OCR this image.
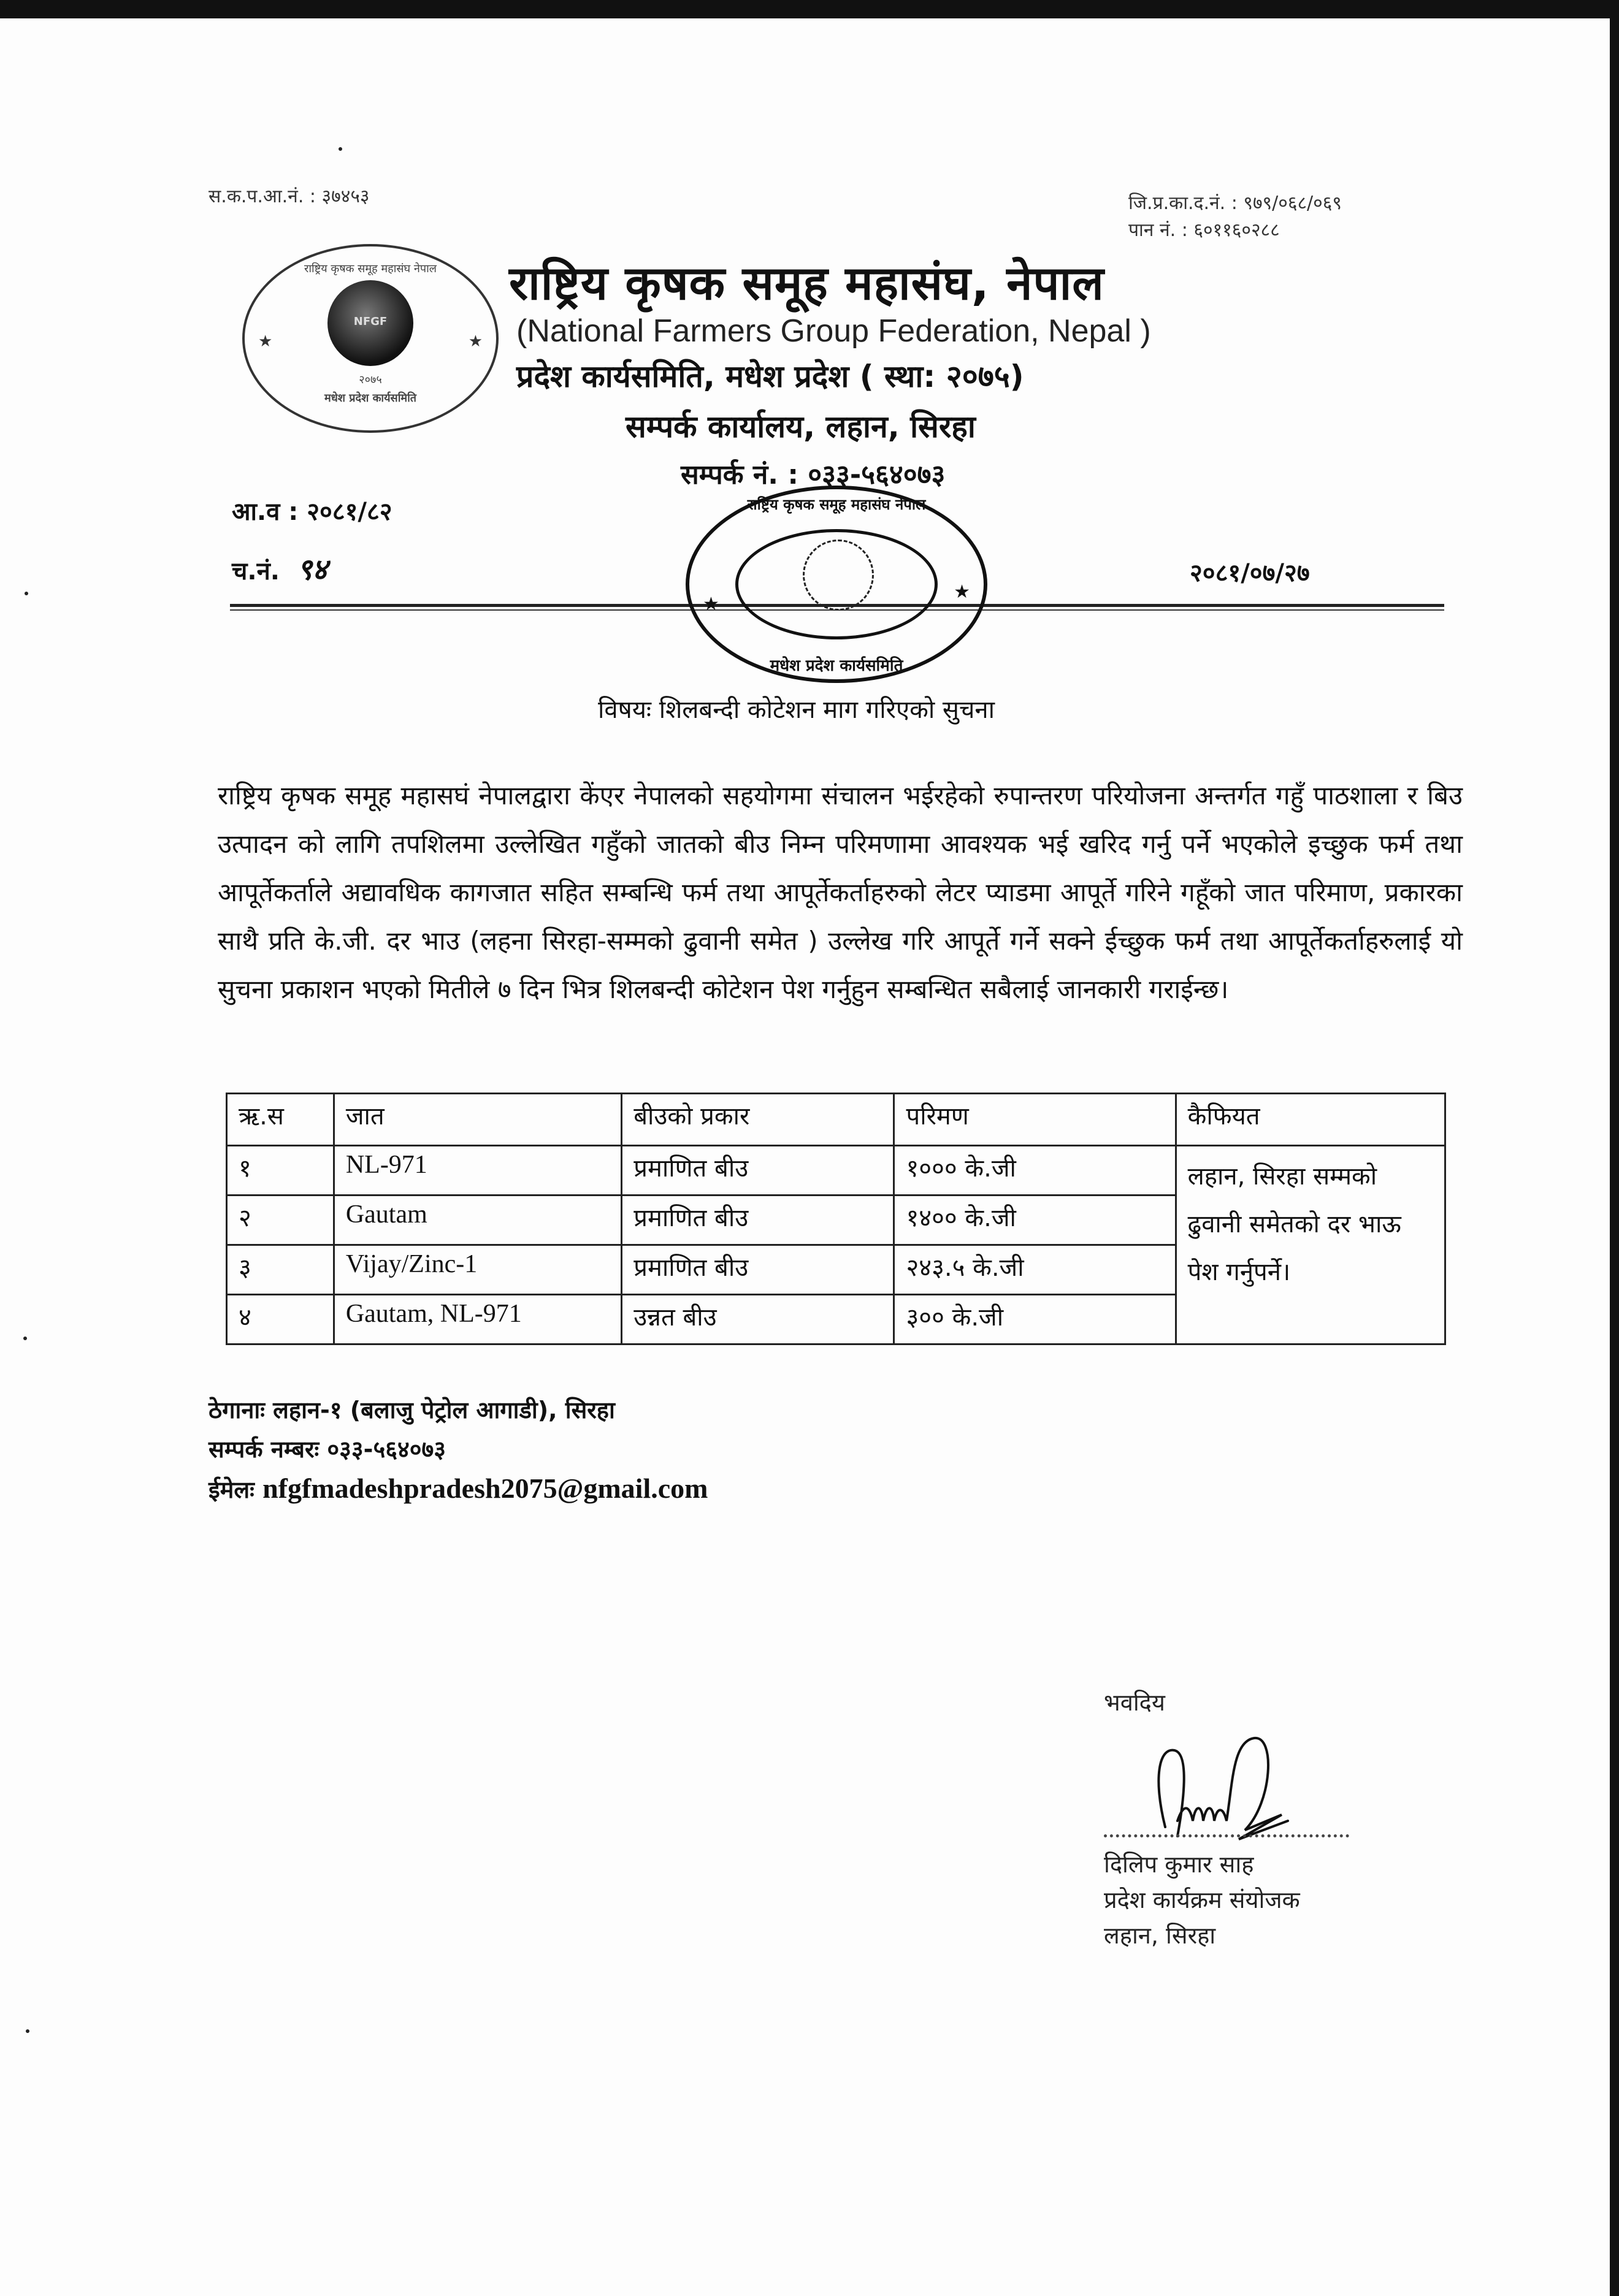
स.क.प.आ.नं. : ३७४५३	जि.प्र.का.द.नं. : ९७९/०६८/०६९
पान नं. : ६०११६०२८८
राष्ट्रिय कृषक समूह महासंघ नेपाल
NFGF
★	★
२०७५
मधेश प्रदेश कार्यसमिति
राष्ट्रिय कृषक समूह महासंघ, नेपाल
(National Farmers Group Federation, Nepal )
प्रदेश कार्यसमिति, मधेश प्रदेश ( स्था: २०७५)
सम्पर्क कार्यालय, लहान, सिरहा
सम्पर्क नं. : ०३३-५६४०७३
आ.व : २०८१/८२
च.नं. ९४	२०८१/०७/२७
राष्ट्रिय कृषक समूह महासंघ नेपाल
★
★
मधेश प्रदेश कार्यसमिति
विषयः शिलबन्दी कोटेशन माग गरिएको सुचना
राष्ट्रिय कृषक समूह महासघं नेपालद्वारा केंएर नेपालको सहयोगमा संचालन भईरहेको रुपान्तरण परियोजना अन्तर्गत गहुँ पाठशाला र बिउ उत्पादन को लागि तपशिलमा उल्लेखित गहुँको जातको बीउ निम्न परिमणामा आवश्यक भई खरिद गर्नु पर्ने भएकोले इच्छुक फर्म तथा आपूर्तेकर्ताले अद्यावधिक कागजात सहित सम्बन्धि फर्म तथा आपूर्तेकर्ताहरुको लेटर प्याडमा आपूर्ते गरिने गहूँको जात परिमाण, प्रकारका साथै प्रति के.जी. दर भाउ (लहना सिरहा-सम्मको ढुवानी समेत ) उल्लेख गरि आपूर्ते गर्ने सक्ने ईच्छुक फर्म तथा आपूर्तेकर्ताहरुलाई यो सुचना प्रकाशन भएको मितीले ७ दिन भित्र शिलबन्दी कोटेशन पेश गर्नुहुन सम्बन्धित सबैलाई जानकारी गराईन्छ।
ऋ.स	जात	बीउको प्रकार	परिमण	कैफियत
१	NL-971	प्रमाणित बीउ	१००० के.जी	लहान, सिरहा सम्मको ढुवानी समेतको दर भाऊ पेश गर्नुपर्ने।
२	Gautam	प्रमाणित बीउ	१४०० के.जी	
३	Vijay/Zinc-1	प्रमाणित बीउ	२४३.५ के.जी	
४	Gautam, NL-971	उन्नत बीउ	३०० के.जी	
ठेगानाः लहान-१ (बलाजु पेट्रोल आगाडी), सिरहा
सम्पर्क नम्बरः ०३३-५६४०७३
ईमेलः nfgfmadeshpradesh2075@gmail.com
भवदिय
दिलिप कुमार साह
प्रदेश कार्यक्रम संयोजक
लहान, सिरहा
